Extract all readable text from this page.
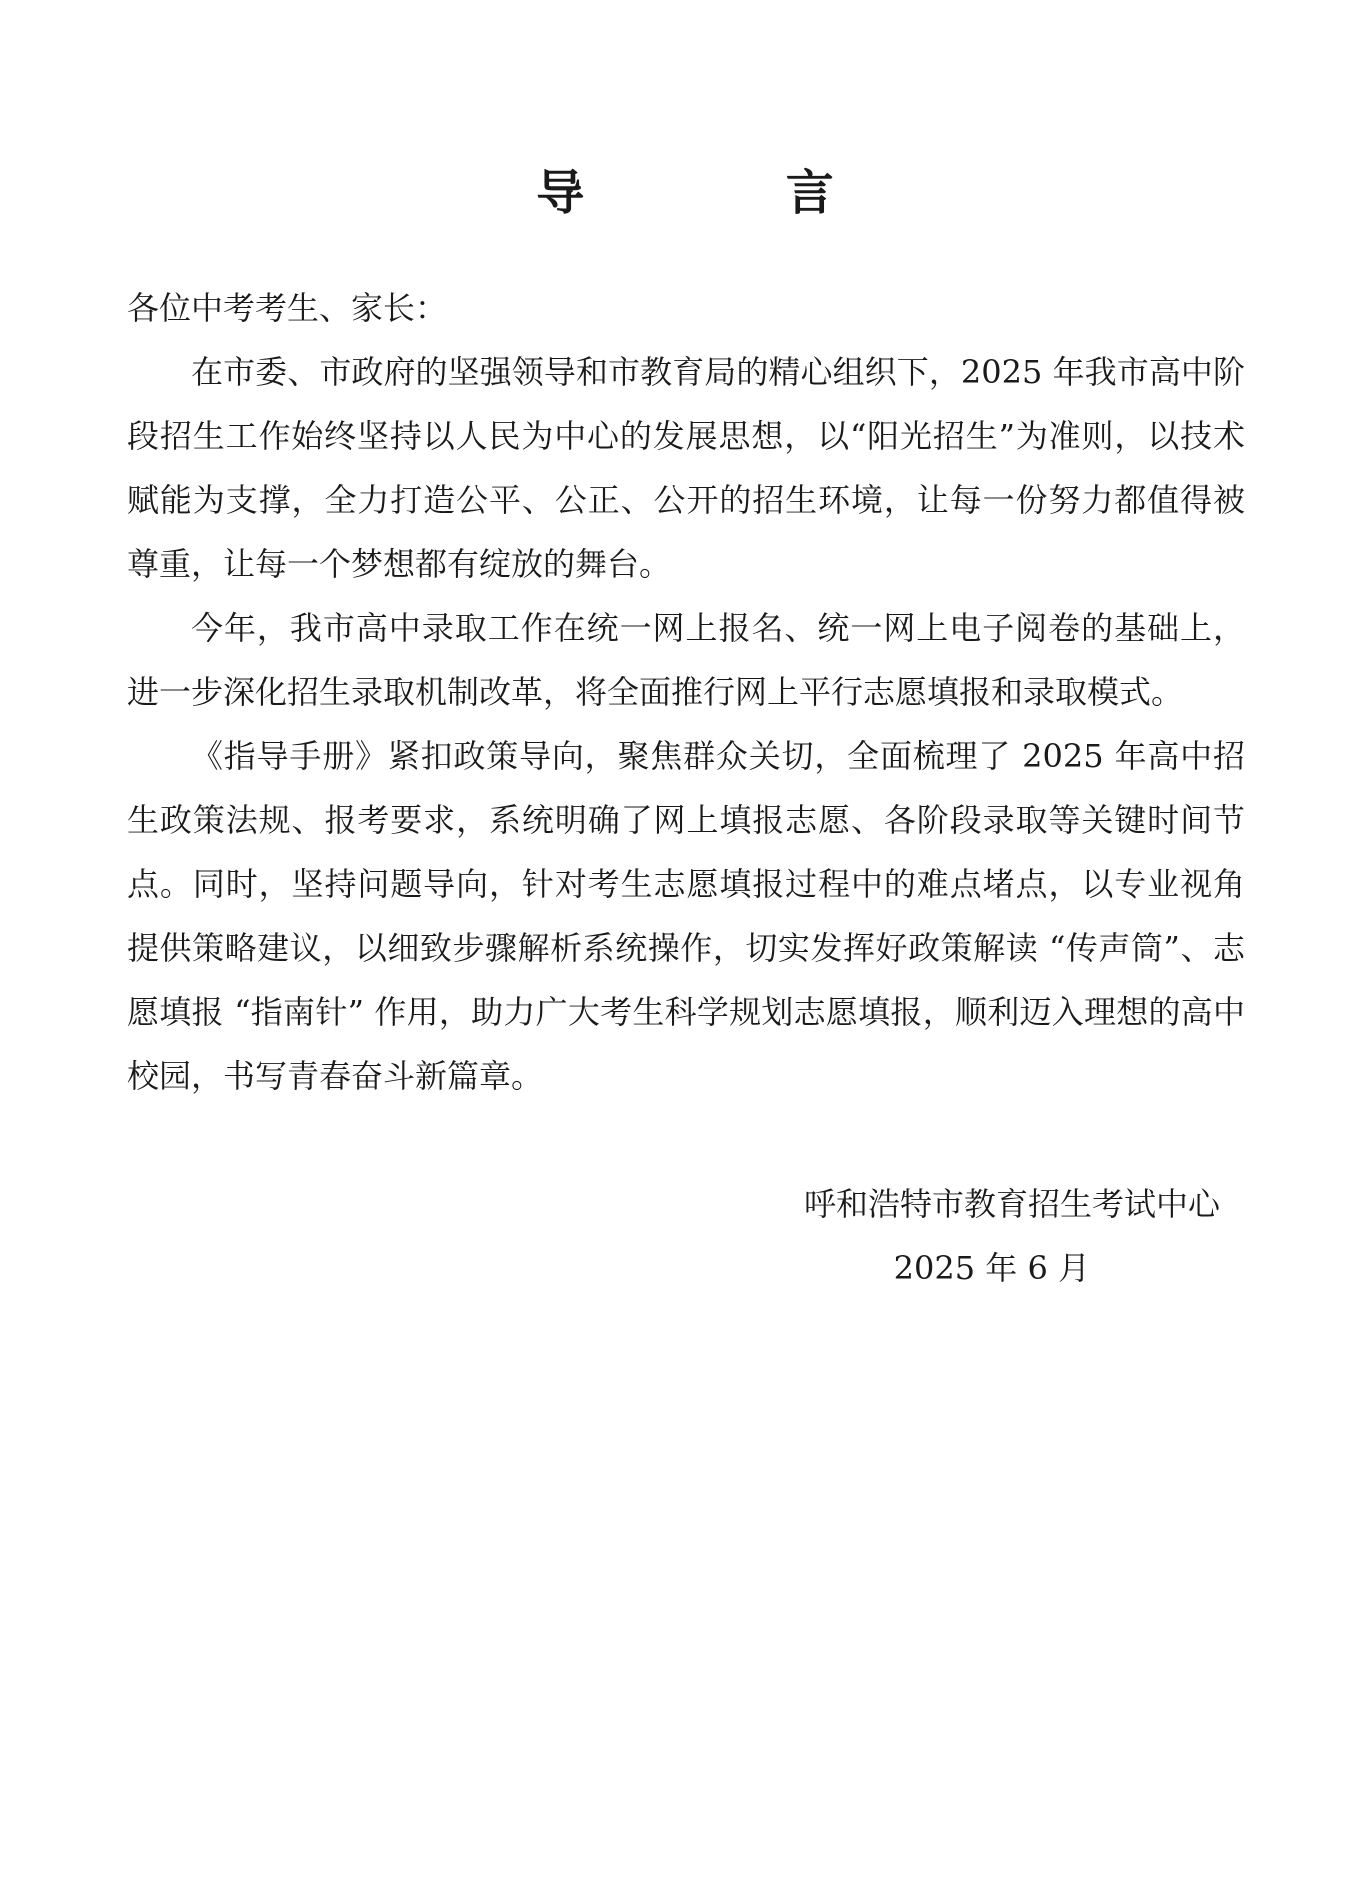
导　言

各位中考考生、家长：

在市委、市政府的坚强领导和市教育局的精心组织下，2025 年我市高中阶段招生工作始终坚持以人民为中心的发展思想，以“阳光招生”为准则，以技术赋能为支撑，全力打造公平、公正、公开的招生环境，让每一份努力都值得被尊重，让每一个梦想都有绽放的舞台。

今年，我市高中录取工作在统一网上报名、统一网上电子阅卷的基础上，进一步深化招生录取机制改革，将全面推行网上平行志愿填报和录取模式。

《指导手册》紧扣政策导向，聚焦群众关切，全面梳理了 2025 年高中招生政策法规、报考要求，系统明确了网上填报志愿、各阶段录取等关键时间节点。同时，坚持问题导向，针对考生志愿填报过程中的难点堵点，以专业视角提供策略建议，以细致步骤解析系统操作，切实发挥好政策解读 “传声筒”、志愿填报 “指南针” 作用，助力广大考生科学规划志愿填报，顺利迈入理想的高中校园，书写青春奋斗新篇章。

呼和浩特市教育招生考试中心
2025 年 6 月
